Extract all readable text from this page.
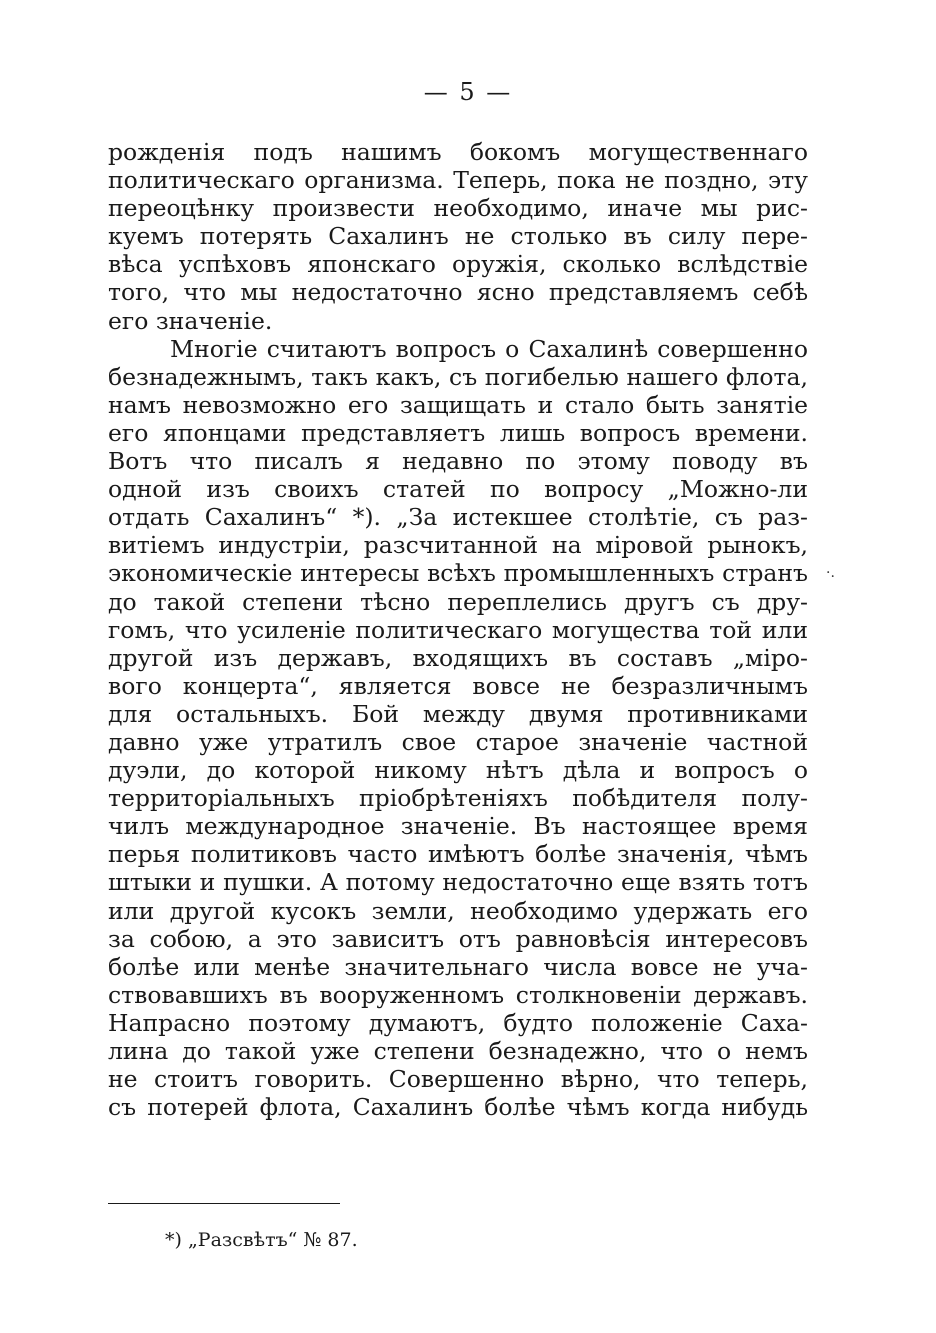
— 5 —
рожденія подъ нашимъ бокомъ могущественнаго
политическаго организма. Теперь, пока не поздно, эту
переоцѣнку произвести необходимо, иначе мы рис-
куемъ потерять Сахалинъ не столько въ силу пере-
вѣса успѣховъ японскаго оружія, сколько вслѣдствіе
того, что мы недостаточно ясно представляемъ себѣ
его значеніе.
Многіе считаютъ вопросъ о Сахалинѣ совершенно
безнадежнымъ, такъ какъ, съ погибелью нашего флота,
намъ невозможно его защищать и стало быть занятіе
его японцами представляетъ лишь вопросъ времени.
Вотъ что писалъ я недавно по этому поводу въ
одной изъ своихъ статей по вопросу „Можно-ли
отдать Сахалинъ“ *). „За истекшее столѣтіе, съ раз-
витіемъ индустріи, разсчитанной на міровой рынокъ,
экономическіе интересы всѣхъ промышленныхъ странъ
до такой степени тѣсно переплелись другъ съ дру-
гомъ, что усиленіе политическаго могущества той или
другой изъ державъ, входящихъ въ составъ „міро-
вого концерта“, является вовсе не безразличнымъ
для остальныхъ. Бой между двумя противниками
давно уже утратилъ свое старое значеніе частной
дуэли, до которой никому нѣтъ дѣла и вопросъ о
территоріальныхъ пріобрѣтеніяхъ побѣдителя полу-
чилъ международное значеніе. Въ настоящее время
перья политиковъ часто имѣютъ болѣе значенія, чѣмъ
штыки и пушки. А потому недостаточно еще взять тотъ
или другой кусокъ земли, необходимо удержать его
за собою, а это зависитъ отъ равновѣсія интересовъ
болѣе или менѣе значительнаго числа вовсе не уча-
ствовавшихъ въ вооруженномъ столкновеніи державъ.
Напрасно поэтому думаютъ, будто положеніе Саха-
лина до такой уже степени безнадежно, что о немъ
не стоитъ говорить. Совершенно вѣрно, что теперь,
съ потерей флота, Сахалинъ болѣе чѣмъ когда нибудь
·.
*) „Разсвѣтъ“ № 87.
